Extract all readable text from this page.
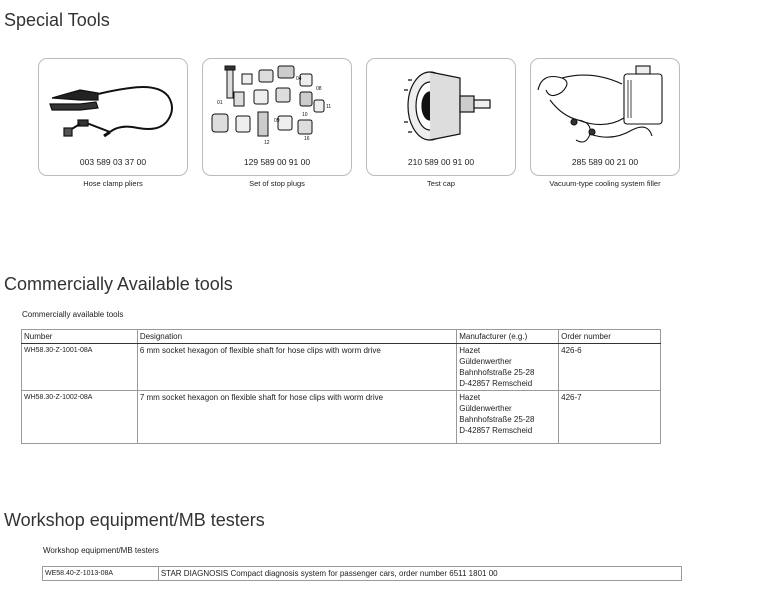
Special Tools
003 589 03 37 00
Hose clamp pliers
01
04
08
11
09
10
16
12
129 589 00 91 00
Set of stop plugs
210 589 00 91 00
Test cap
285 589 00 21 00
Vacuum-type cooling system filler
Commercially Available tools
Commercially available tools
Number	Designation	Manufacturer (e.g.)	Order number
WH58.30-Z-1001-08A	6 mm socket hexagon of flexible shaft for hose clips with worm drive	Hazet
Güldenwerther
Bahnhofstraße 25-28
D-42857 Remscheid	426-6
WH58.30-Z-1002-08A	7 mm socket hexagon on flexible shaft for hose clips with worm drive	Hazet
Güldenwerther
Bahnhofstraße 25-28
D-42857 Remscheid	426-7
Workshop equipment/MB testers
Workshop equipment/MB testers
WE58.40-Z-1013-08A	STAR DIAGNOSIS Compact diagnosis system for passenger cars, order number 6511 1801 00
